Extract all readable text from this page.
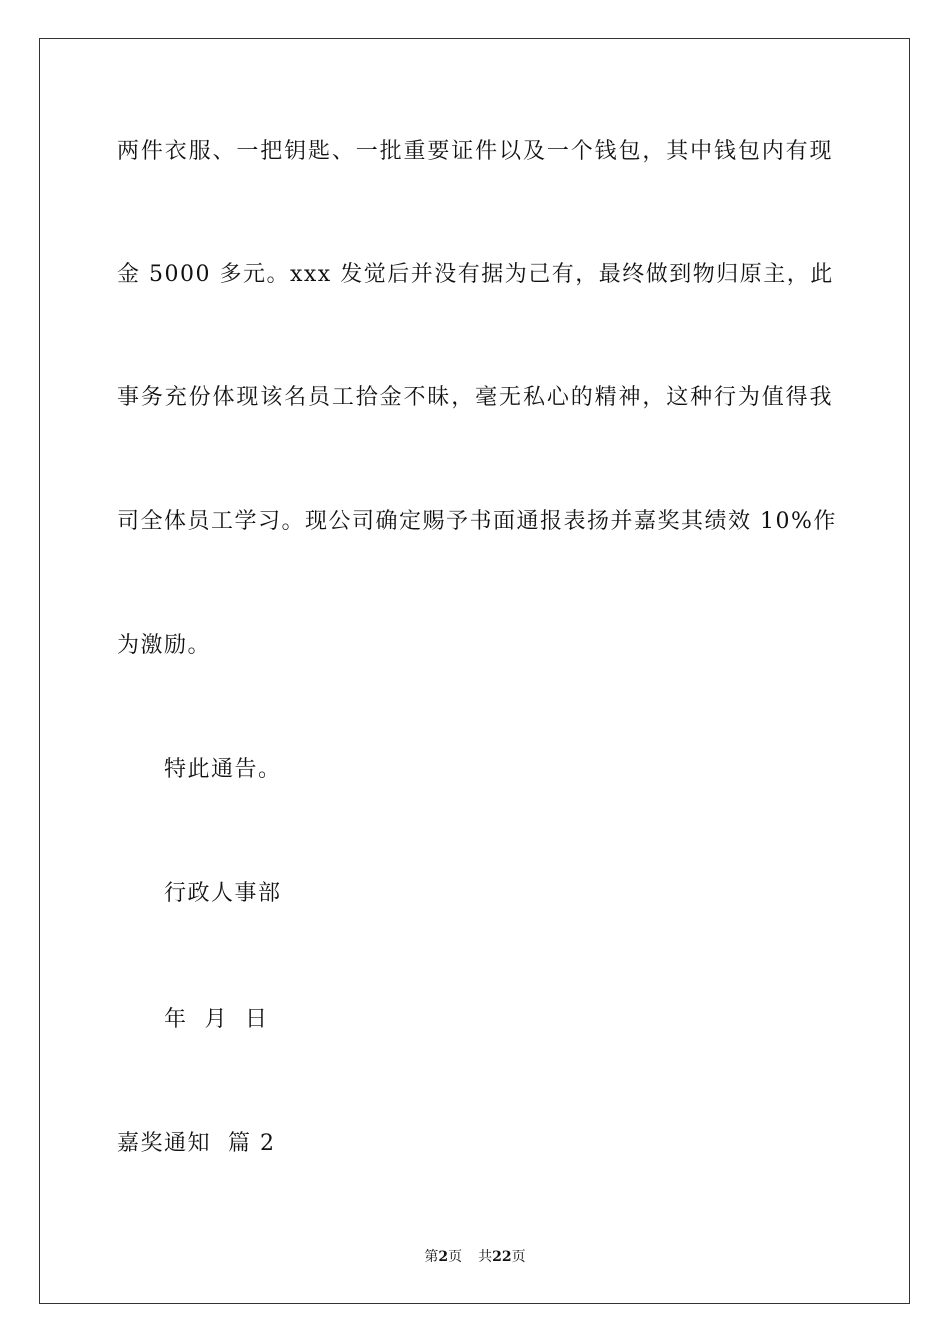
两件衣服、一把钥匙、一批重要证件以及一个钱包，其中钱包内有现
金 5000 多元。xxx 发觉后并没有据为己有，最终做到物归原主，此
事务充份体现该名员工拾金不昧，毫无私心的精神，这种行为值得我
司全体员工学习。现公司确定赐予书面通报表扬并嘉奖其绩效 10%作
为激励。
特此通告。
行政人事部
年  月  日
嘉奖通知  篇 2
第2页 共22页
